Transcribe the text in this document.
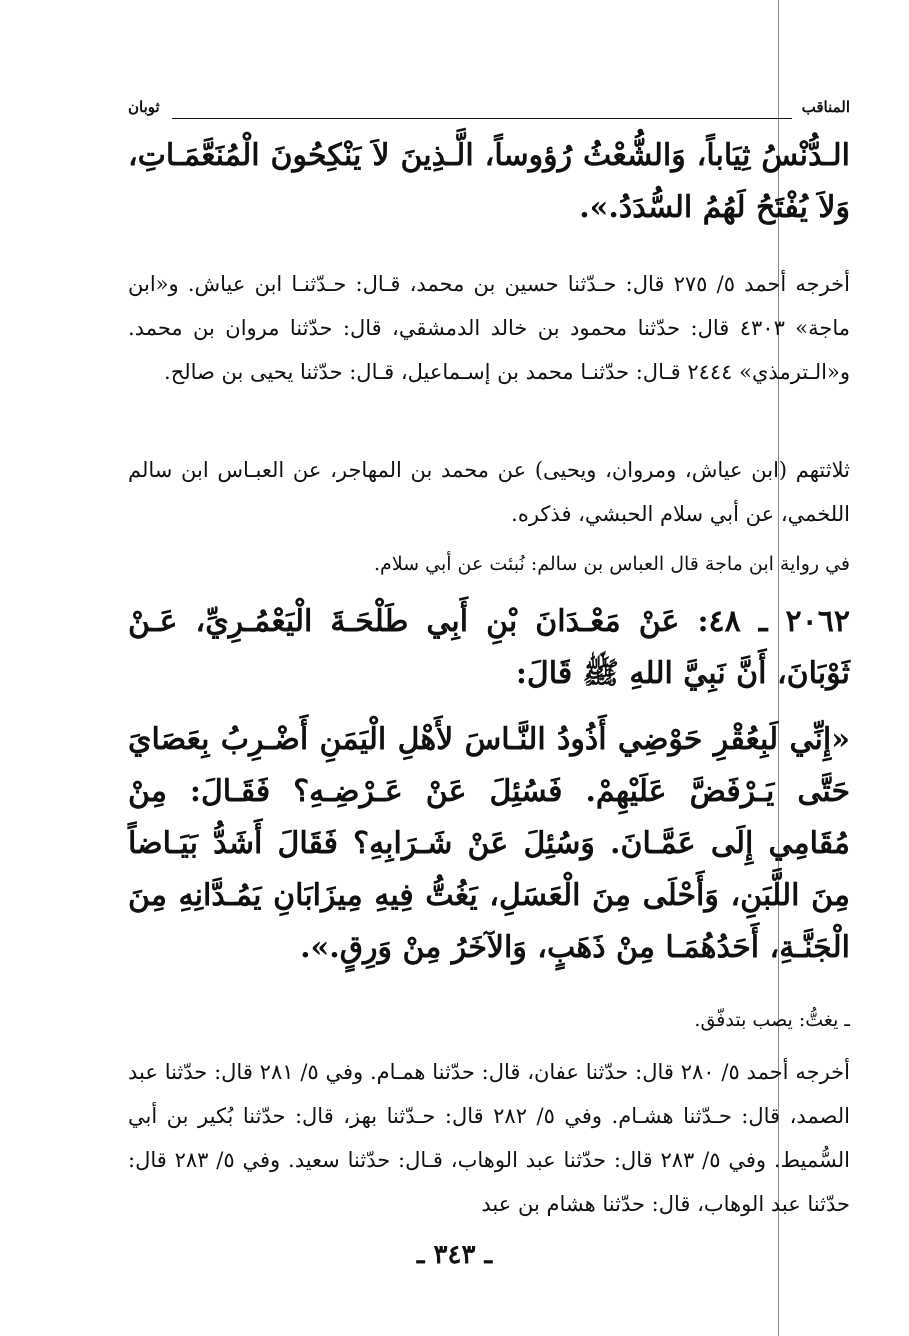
المناقب
ثوبان
الـدُّنْسُ ثِيَاباً، وَالشُّعْثُ رُؤوساً، الَّـذِينَ لاَ يَنْكِحُونَ الْمُنَعَّمَـاتِ، وَلاَ يُفْتَحُ لَهُمُ السُّدَدُ.».
أخرجه أحمد ٥/ ٢٧٥ قال: حـدّثنا حسين بن محمد، قـال: حـدّثنـا ابن عياش. و«ابن ماجة» ٤٣٠٣ قال: حدّثنا محمود بن خالد الدمشقي، قال: حدّثنا مروان بن محمد. و«الـترمذي» ٢٤٤٤ قـال: حدّثنـا محمد بن إسـماعيل، قـال: حدّثنا يحيى بن صالح.
ثلاثتهم (ابن عياش، ومروان، ويحيى) عن محمد بن المهاجر، عن العبـاس ابن سالم اللخمي، عن أبي سلام الحبشي، فذكره.
في رواية ابن ماجة قال العباس بن سالم: نُبئت عن أبي سلام.
٢٠٦٢ ـ ٤٨: عَنْ مَعْـدَانَ بْنِ أَبِي طَلْحَـةَ الْيَعْمُـرِيِّ، عَـنْ ثَوْبَانَ، أَنَّ نَبِيَّ اللهِ ﷺ قَالَ:
«إِنِّي لَبِعُقْرِ حَوْضِي أَذُودُ النَّـاسَ لأَهْلِ الْيَمَنِ أَضْـرِبُ بِعَصَايَ حَتَّى يَـرْفَضَّ عَلَيْهِمْ. فَسُئِلَ عَنْ عَـرْضِـهِ؟ فَقَـالَ: مِنْ مُقَامِي إِلَى عَمَّـانَ. وَسُئِلَ عَنْ شَـرَابِهِ؟ فَقَالَ أَشَدُّ بَيَـاضاً مِنَ اللَّبَنِ، وَأَحْلَى مِنَ الْعَسَلِ، يَغُتُّ فِيهِ مِيزَابَانِ يَمُـدَّانِهِ مِنَ الْجَنَّـةِ، أَحَدُهُمَـا مِنْ ذَهَبٍ، وَالآخَرُ مِنْ وَرِقٍ.».
ـ يغتُّ: يصب بتدفّق.
أخرجه أحمد ٥/ ٢٨٠ قال: حدّثنا عفان، قال: حدّثنا همـام. وفي ٥/ ٢٨١ قال: حدّثنا عبد الصمد، قال: حـدّثنا هشـام. وفي ٥/ ٢٨٢ قال: حـدّثنا بهز، قال: حدّثنا بُكير بن أبي السُّميط. وفي ٥/ ٢٨٣ قال: حدّثنا عبد الوهاب، قـال: حدّثنا سعيد. وفي ٥/ ٢٨٣ قال: حدّثنا عبد الوهاب، قال: حدّثنا هشام بن عبد
ـ ٣٤٣ ـ
